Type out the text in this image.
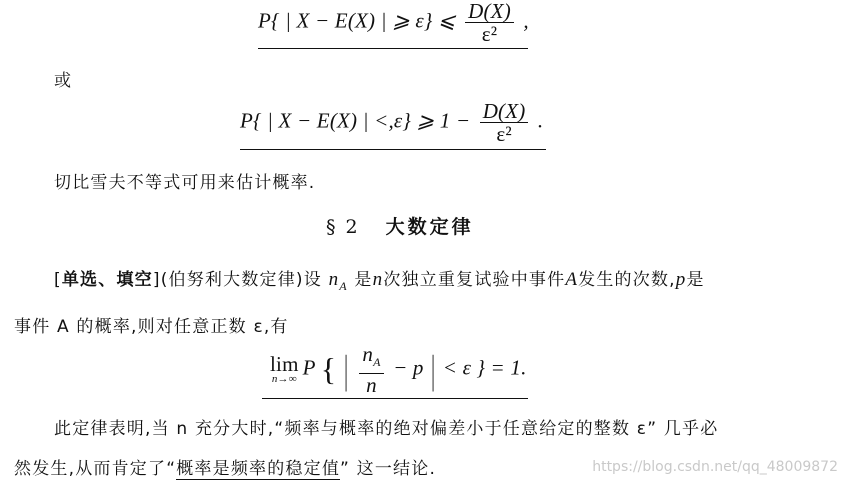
P{ | X − E(X) | ⩾ ε} ⩽ $\frac{D(X)}{\text{ε²}}$ ,
或
P{ | X − E(X) | <,ε} ⩾ $1 - \frac{D(X)}{\text{ε²}}$ .
切比雪夫不等式可用来估计概率.
§ 2 大数定律
[单选、填空](伯努利大数定律)设 $n_A$ 是n次独立重复试验中事件A发生的次数,p是
事件 A 的概率,则对任意正数 ε,有
lim
n→∞ P { | $\frac{n_A}{n} - p$ | < ε } = 1.
此定律表明,当 n 充分大时,“频率与概率的绝对偏差小于任意给定的整数 ε” 几乎必
然发生,从而肯定了“概率是频率的稳定值” 这一结论.	https://blog.csdn.net/qq_48009872
